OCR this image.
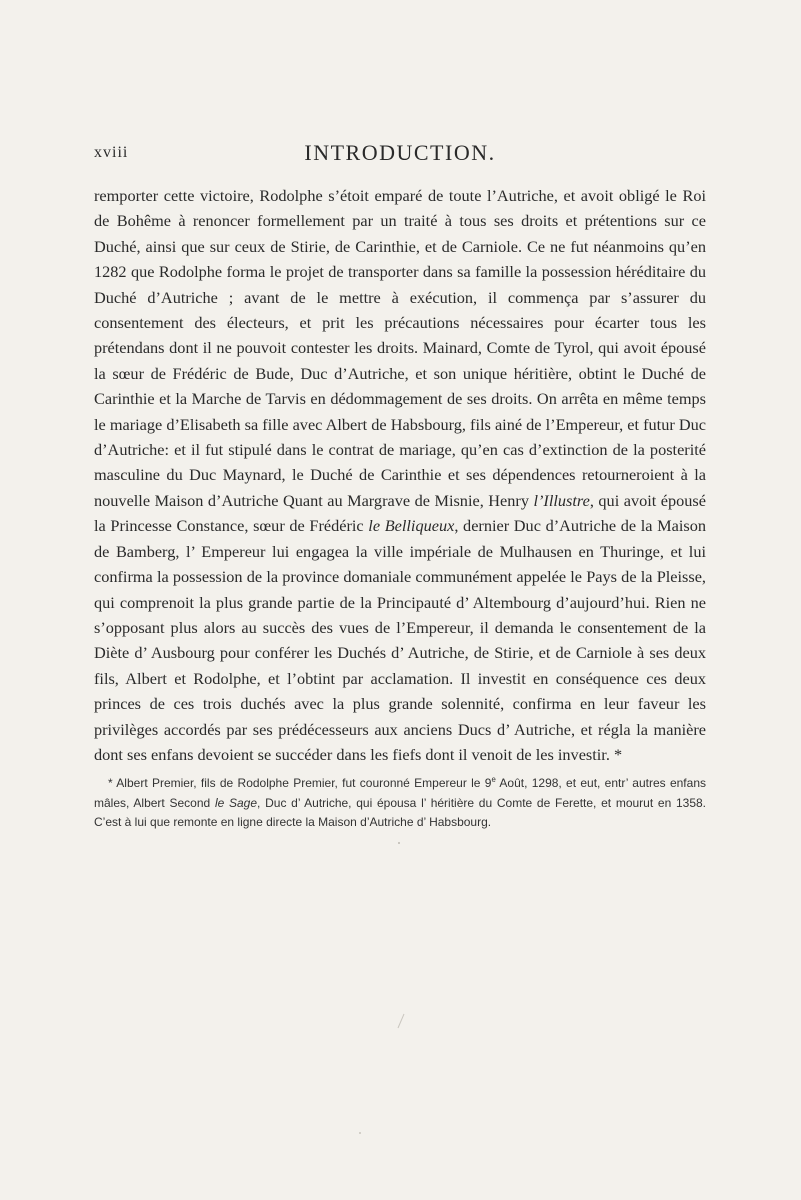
xviii	INTRODUCTION.

remporter cette victoire, Rodolphe s’étoit emparé de toute l’Autriche, et avoit obligé le Roi de Bohême à renoncer formellement par un traité à tous ses droits et prétentions sur ce Duché, ainsi que sur ceux de Stirie, de Carinthie, et de Carniole. Ce ne fut néanmoins qu’en 1282 que Rodolphe forma le projet de transporter dans sa famille la possession héréditaire du Duché d’Autriche ; avant de le mettre à exécution, il commença par s’assurer du consentement des électeurs, et prit les précautions nécessaires pour écarter tous les prétendans dont il ne pouvoit contester les droits. Mainard, Comte de Tyrol, qui avoit épousé la sœur de Frédéric de Bude, Duc d’Autriche, et son unique héritière, obtint le Duché de Carinthie et la Marche de Tarvis en dédommagement de ses droits. On arrêta en même temps le mariage d’Elisabeth sa fille avec Albert de Habsbourg, fils ainé de l’Empereur, et futur Duc d’Autriche: et il fut stipulé dans le contrat de mariage, qu’en cas d’extinction de la posterité masculine du Duc Maynard, le Duché de Carinthie et ses dépendences retourneroient à la nouvelle Maison d’Autriche Quant au Margrave de Misnie, Henry l’Illustre, qui avoit épousé la Princesse Constance, sœur de Frédéric le Belliqueux, dernier Duc d’Autriche de la Maison de Bamberg, l’ Empereur lui engagea la ville impériale de Mulhausen en Thuringe, et lui confirma la possession de la province domaniale communément appelée le Pays de la Pleisse, qui comprenoit la plus grande partie de la Principauté d’ Altembourg d’aujourd’hui. Rien ne s’opposant plus alors au succès des vues de l’Empereur, il demanda le consentement de la Diète d’ Ausbourg pour conférer les Duchés d’ Autriche, de Stirie, et de Carniole à ses deux fils, Albert et Rodolphe, et l’obtint par acclamation. Il investit en conséquence ces deux princes de ces trois duchés avec la plus grande solennité, confirma en leur faveur les privilèges accordés par ses prédécesseurs aux anciens Ducs d’ Autriche, et régla la manière dont ses enfans devoient se succéder dans les fiefs dont il venoit de les investir. *

* Albert Premier, fils de Rodolphe Premier, fut couronné Empereur le 9e Août, 1298, et eut, entr’ autres enfans mâles, Albert Second le Sage, Duc d’ Autriche, qui épousa l’ héritière du Comte de Ferette, et mourut en 1358. C’est à lui que remonte en ligne directe la Maison d’Autriche d’ Habsbourg.
